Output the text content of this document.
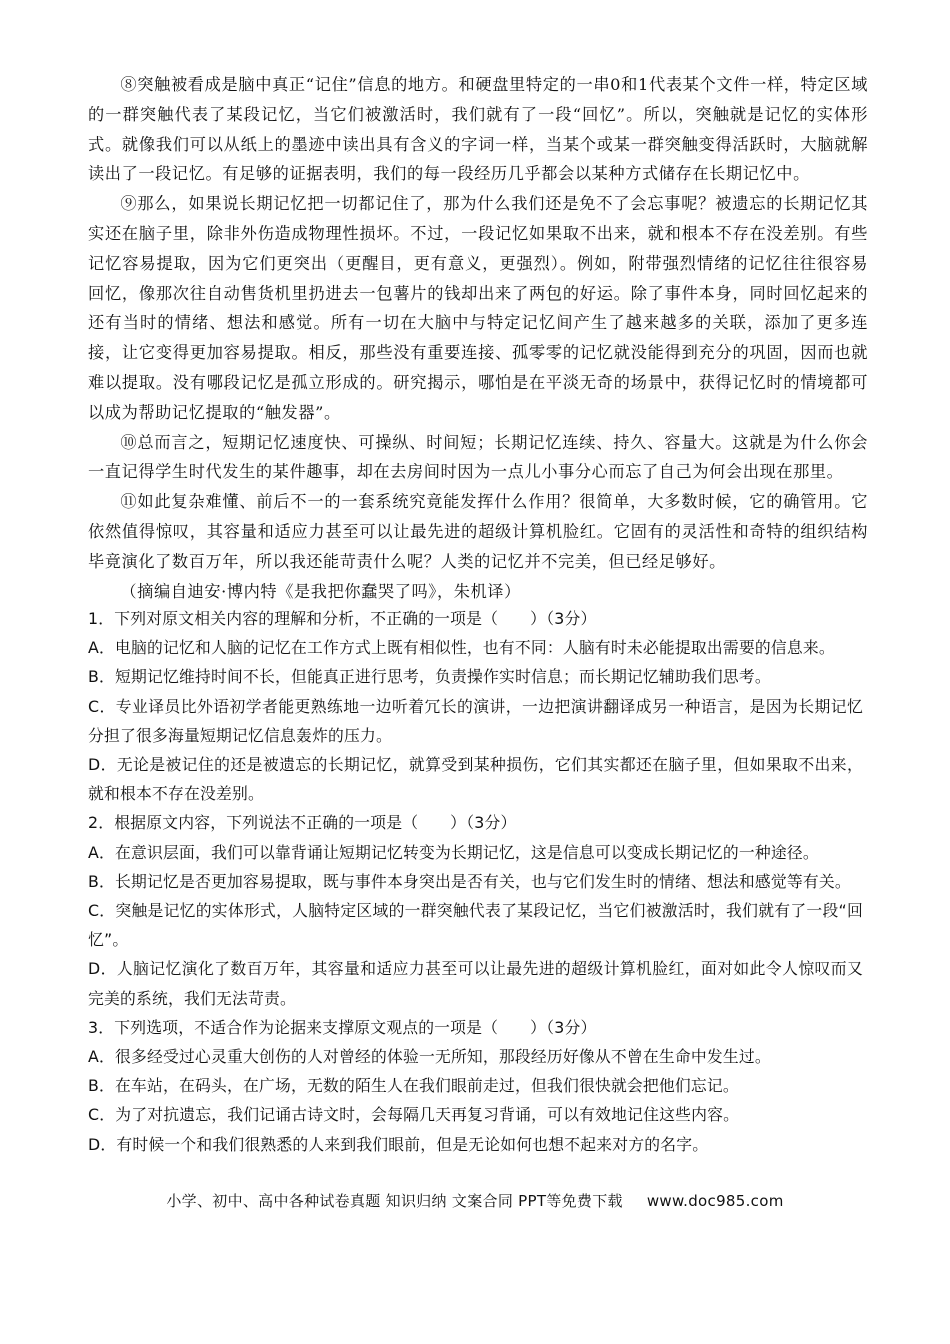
⑧突触被看成是脑中真正“记住”信息的地方。和硬盘里特定的一串0和1代表某个文件一样，特定区域的一群突触代表了某段记忆，当它们被激活时，我们就有了一段“回忆”。所以，突触就是记忆的实体形式。就像我们可以从纸上的墨迹中读出具有含义的字词一样，当某个或某一群突触变得活跃时，大脑就解读出了一段记忆。有足够的证据表明，我们的每一段经历几乎都会以某种方式储存在长期记忆中。

⑨那么，如果说长期记忆把一切都记住了，那为什么我们还是免不了会忘事呢？被遗忘的长期记忆其实还在脑子里，除非外伤造成物理性损坏。不过，一段记忆如果取不出来，就和根本不存在没差别。有些记忆容易提取，因为它们更突出（更醒目，更有意义，更强烈）。例如，附带强烈情绪的记忆往往很容易回忆，像那次往自动售货机里扔进去一包薯片的钱却出来了两包的好运。除了事件本身，同时回忆起来的还有当时的情绪、想法和感觉。所有一切在大脑中与特定记忆间产生了越来越多的关联，添加了更多连接，让它变得更加容易提取。相反，那些没有重要连接、孤零零的记忆就没能得到充分的巩固，因而也就难以提取。没有哪段记忆是孤立形成的。研究揭示，哪怕是在平淡无奇的场景中，获得记忆时的情境都可以成为帮助记忆提取的“触发器”。

⑩总而言之，短期记忆速度快、可操纵、时间短；长期记忆连续、持久、容量大。这就是为什么你会一直记得学生时代发生的某件趣事，却在去房间时因为一点儿小事分心而忘了自己为何会出现在那里。

⑪如此复杂难懂、前后不一的一套系统究竟能发挥什么作用？很简单，大多数时候，它的确管用。它依然值得惊叹，其容量和适应力甚至可以让最先进的超级计算机脸红。它固有的灵活性和奇特的组织结构毕竟演化了数百万年，所以我还能苛责什么呢？人类的记忆并不完美，但已经足够好。

（摘编自迪安·博内特《是我把你蠢哭了吗》，朱机译）

1．下列对原文相关内容的理解和分析，不正确的一项是（　　）（3分）

A．电脑的记忆和人脑的记忆在工作方式上既有相似性，也有不同：人脑有时未必能提取出需要的信息来。

B．短期记忆维持时间不长，但能真正进行思考，负责操作实时信息；而长期记忆辅助我们思考。

C．专业译员比外语初学者能更熟练地一边听着冗长的演讲，一边把演讲翻译成另一种语言，是因为长期记忆分担了很多海量短期记忆信息轰炸的压力。

D．无论是被记住的还是被遗忘的长期记忆，就算受到某种损伤，它们其实都还在脑子里，但如果取不出来，就和根本不存在没差别。

2．根据原文内容，下列说法不正确的一项是（　　）（3分）

A．在意识层面，我们可以靠背诵让短期记忆转变为长期记忆，这是信息可以变成长期记忆的一种途径。

B．长期记忆是否更加容易提取，既与事件本身突出是否有关，也与它们发生时的情绪、想法和感觉等有关。

C．突触是记忆的实体形式，人脑特定区域的一群突触代表了某段记忆，当它们被激活时，我们就有了一段“回忆”。

D．人脑记忆演化了数百万年，其容量和适应力甚至可以让最先进的超级计算机脸红，面对如此令人惊叹而又完美的系统，我们无法苛责。

3．下列选项，不适合作为论据来支撑原文观点的一项是（　　）（3分）

A．很多经受过心灵重大创伤的人对曾经的体验一无所知，那段经历好像从不曾在生命中发生过。

B．在车站，在码头，在广场，无数的陌生人在我们眼前走过，但我们很快就会把他们忘记。

C．为了对抗遗忘，我们记诵古诗文时，会每隔几天再复习背诵，可以有效地记住这些内容。

D．有时候一个和我们很熟悉的人来到我们眼前，但是无论如何也想不起来对方的名字。

小学、初中、高中各种试卷真题 知识归纳 文案合同 PPT等免费下载 www.doc985.com
